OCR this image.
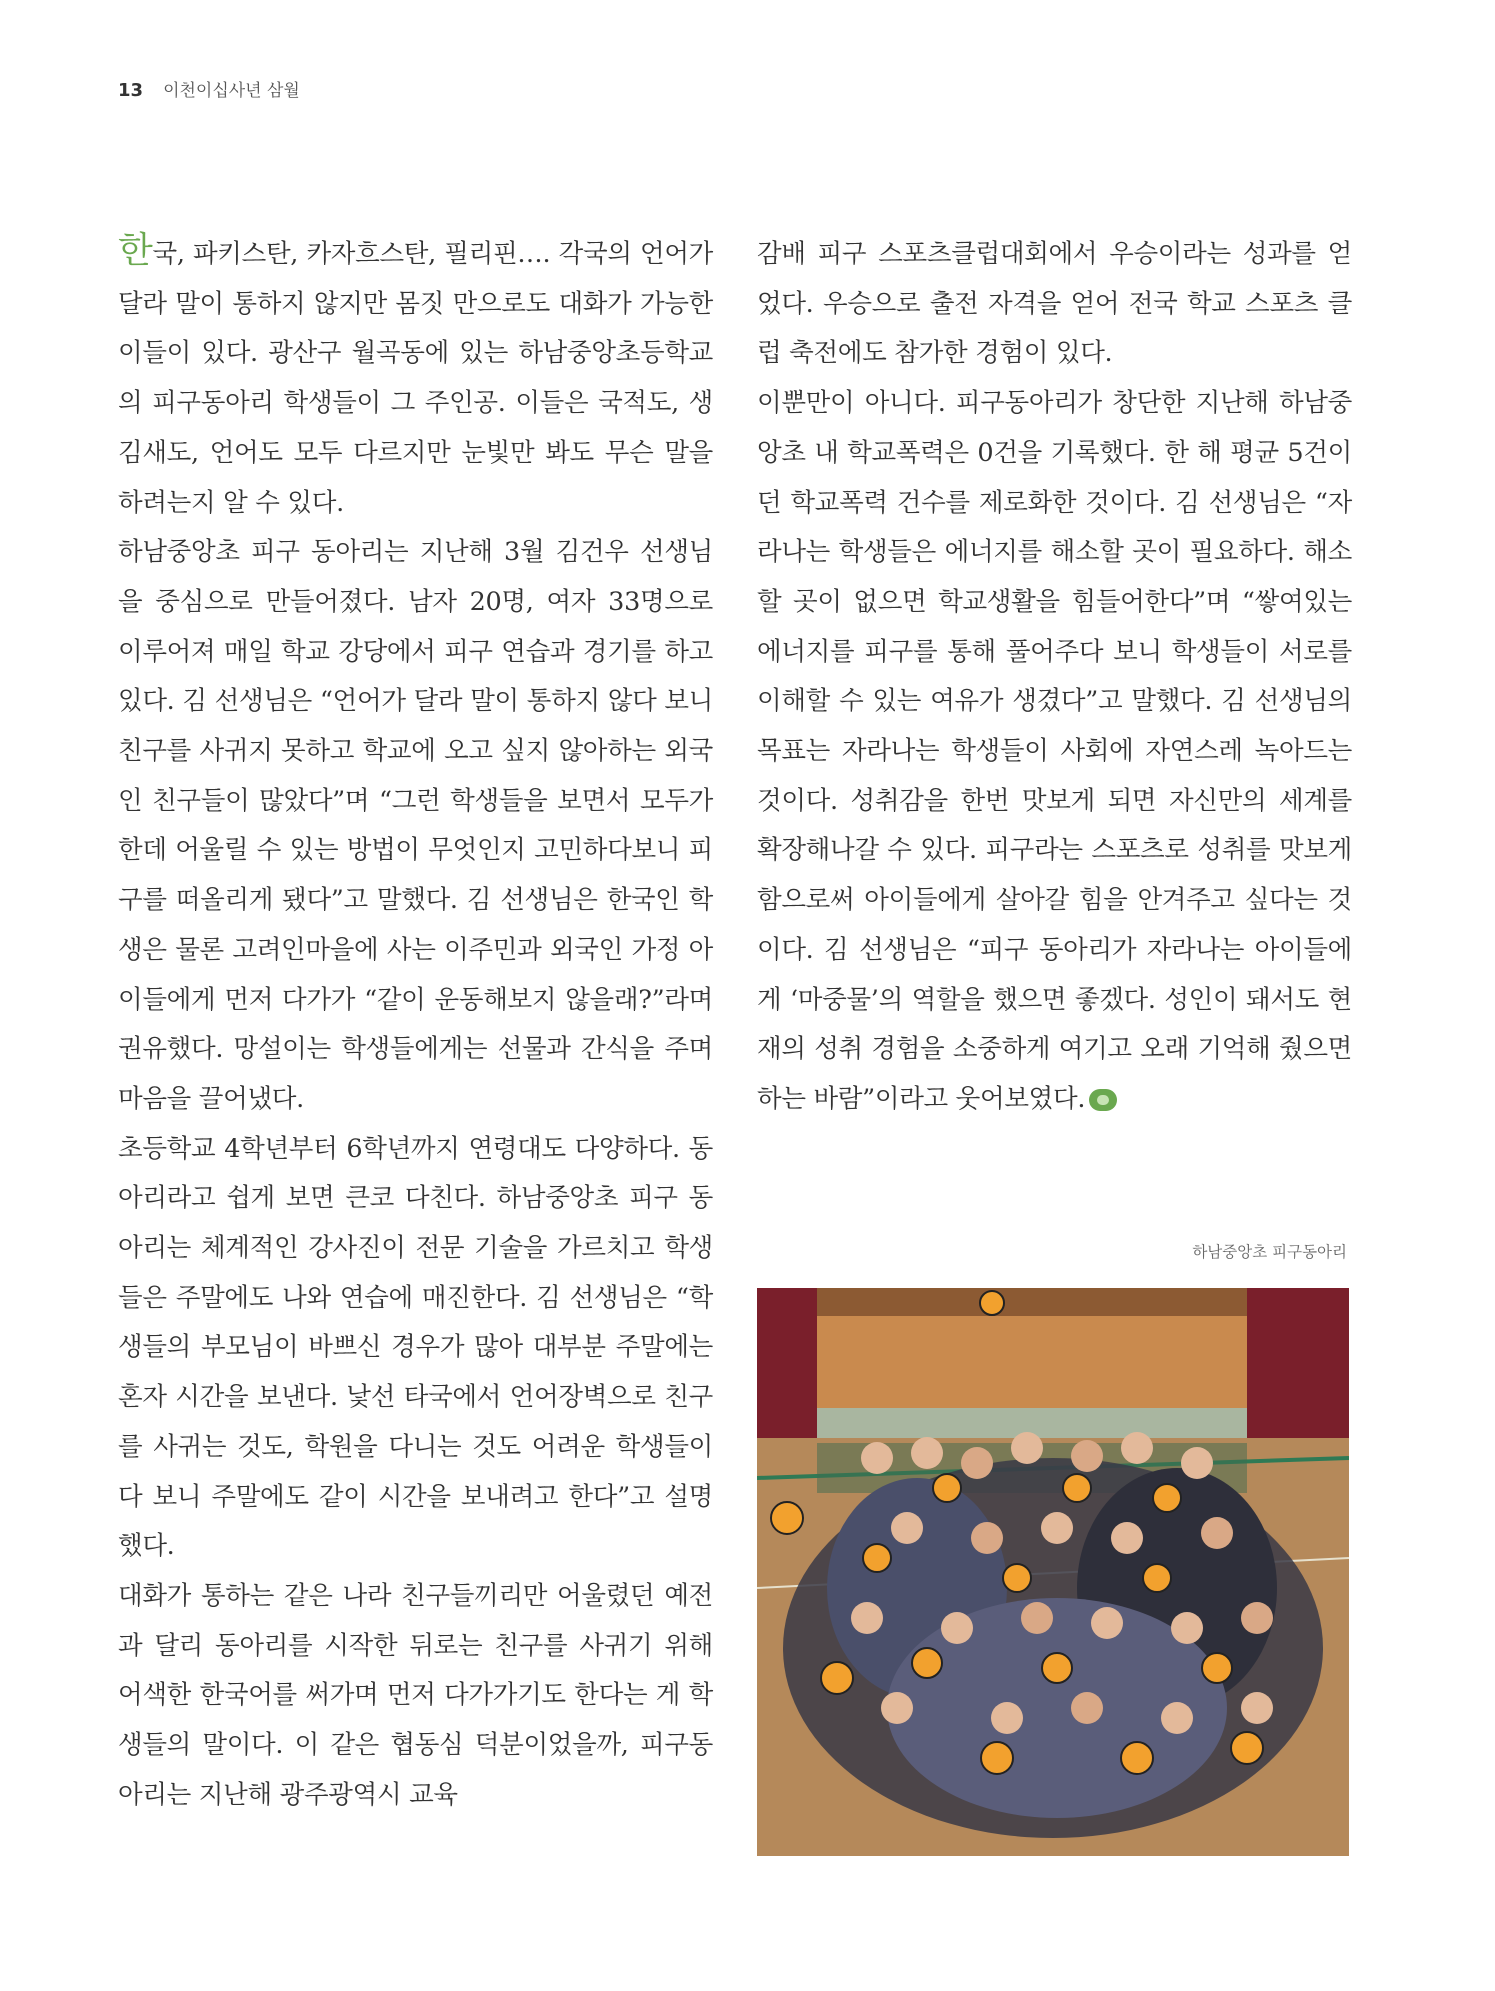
13 이천이십사년 삼월

한국, 파키스탄, 카자흐스탄, 필리핀…. 각국의 언어가 달라 말이 통하지 않지만 몸짓 만으로도 대화가 가능한 이들이 있다. 광산구 월곡동에 있는 하남중앙초등학교의 피구동아리 학생들이 그 주인공. 이들은 국적도, 생김새도, 언어도 모두 다르지만 눈빛만 봐도 무슨 말을 하려는지 알 수 있다.

하남중앙초 피구 동아리는 지난해 3월 김건우 선생님을 중심으로 만들어졌다. 남자 20명, 여자 33명으로 이루어져 매일 학교 강당에서 피구 연습과 경기를 하고 있다. 김 선생님은 “언어가 달라 말이 통하지 않다 보니 친구를 사귀지 못하고 학교에 오고 싶지 않아하는 외국인 친구들이 많았다”며 “그런 학생들을 보면서 모두가 한데 어울릴 수 있는 방법이 무엇인지 고민하다보니 피구를 떠올리게 됐다”고 말했다. 김 선생님은 한국인 학생은 물론 고려인마을에 사는 이주민과 외국인 가정 아이들에게 먼저 다가가 “같이 운동해보지 않을래?”라며 권유했다. 망설이는 학생들에게는 선물과 간식을 주며 마음을 끌어냈다.

초등학교 4학년부터 6학년까지 연령대도 다양하다. 동아리라고 쉽게 보면 큰코 다친다. 하남중앙초 피구 동아리는 체계적인 강사진이 전문 기술을 가르치고 학생들은 주말에도 나와 연습에 매진한다. 김 선생님은 “학생들의 부모님이 바쁘신 경우가 많아 대부분 주말에는 혼자 시간을 보낸다. 낯선 타국에서 언어장벽으로 친구를 사귀는 것도, 학원을 다니는 것도 어려운 학생들이다 보니 주말에도 같이 시간을 보내려고 한다”고 설명했다.

대화가 통하는 같은 나라 친구들끼리만 어울렸던 예전과 달리 동아리를 시작한 뒤로는 친구를 사귀기 위해 어색한 한국어를 써가며 먼저 다가가기도 한다는 게 학생들의 말이다. 이 같은 협동심 덕분이었을까, 피구동아리는 지난해 광주광역시 교육

감배 피구 스포츠클럽대회에서 우승이라는 성과를 얻었다. 우승으로 출전 자격을 얻어 전국 학교 스포츠 클럽 축전에도 참가한 경험이 있다.

이뿐만이 아니다. 피구동아리가 창단한 지난해 하남중앙초 내 학교폭력은 0건을 기록했다. 한 해 평균 5건이던 학교폭력 건수를 제로화한 것이다. 김 선생님은 “자라나는 학생들은 에너지를 해소할 곳이 필요하다. 해소할 곳이 없으면 학교생활을 힘들어한다”며 “쌓여있는 에너지를 피구를 통해 풀어주다 보니 학생들이 서로를 이해할 수 있는 여유가 생겼다”고 말했다. 김 선생님의 목표는 자라나는 학생들이 사회에 자연스레 녹아드는 것이다. 성취감을 한번 맛보게 되면 자신만의 세계를 확장해나갈 수 있다. 피구라는 스포츠로 성취를 맛보게 함으로써 아이들에게 살아갈 힘을 안겨주고 싶다는 것이다. 김 선생님은 “피구 동아리가 자라나는 아이들에게 ‘마중물’의 역할을 했으면 좋겠다. 성인이 돼서도 현재의 성취 경험을 소중하게 여기고 오래 기억해 줬으면 하는 바람”이라고 웃어보였다.

하남중앙초 피구동아리
